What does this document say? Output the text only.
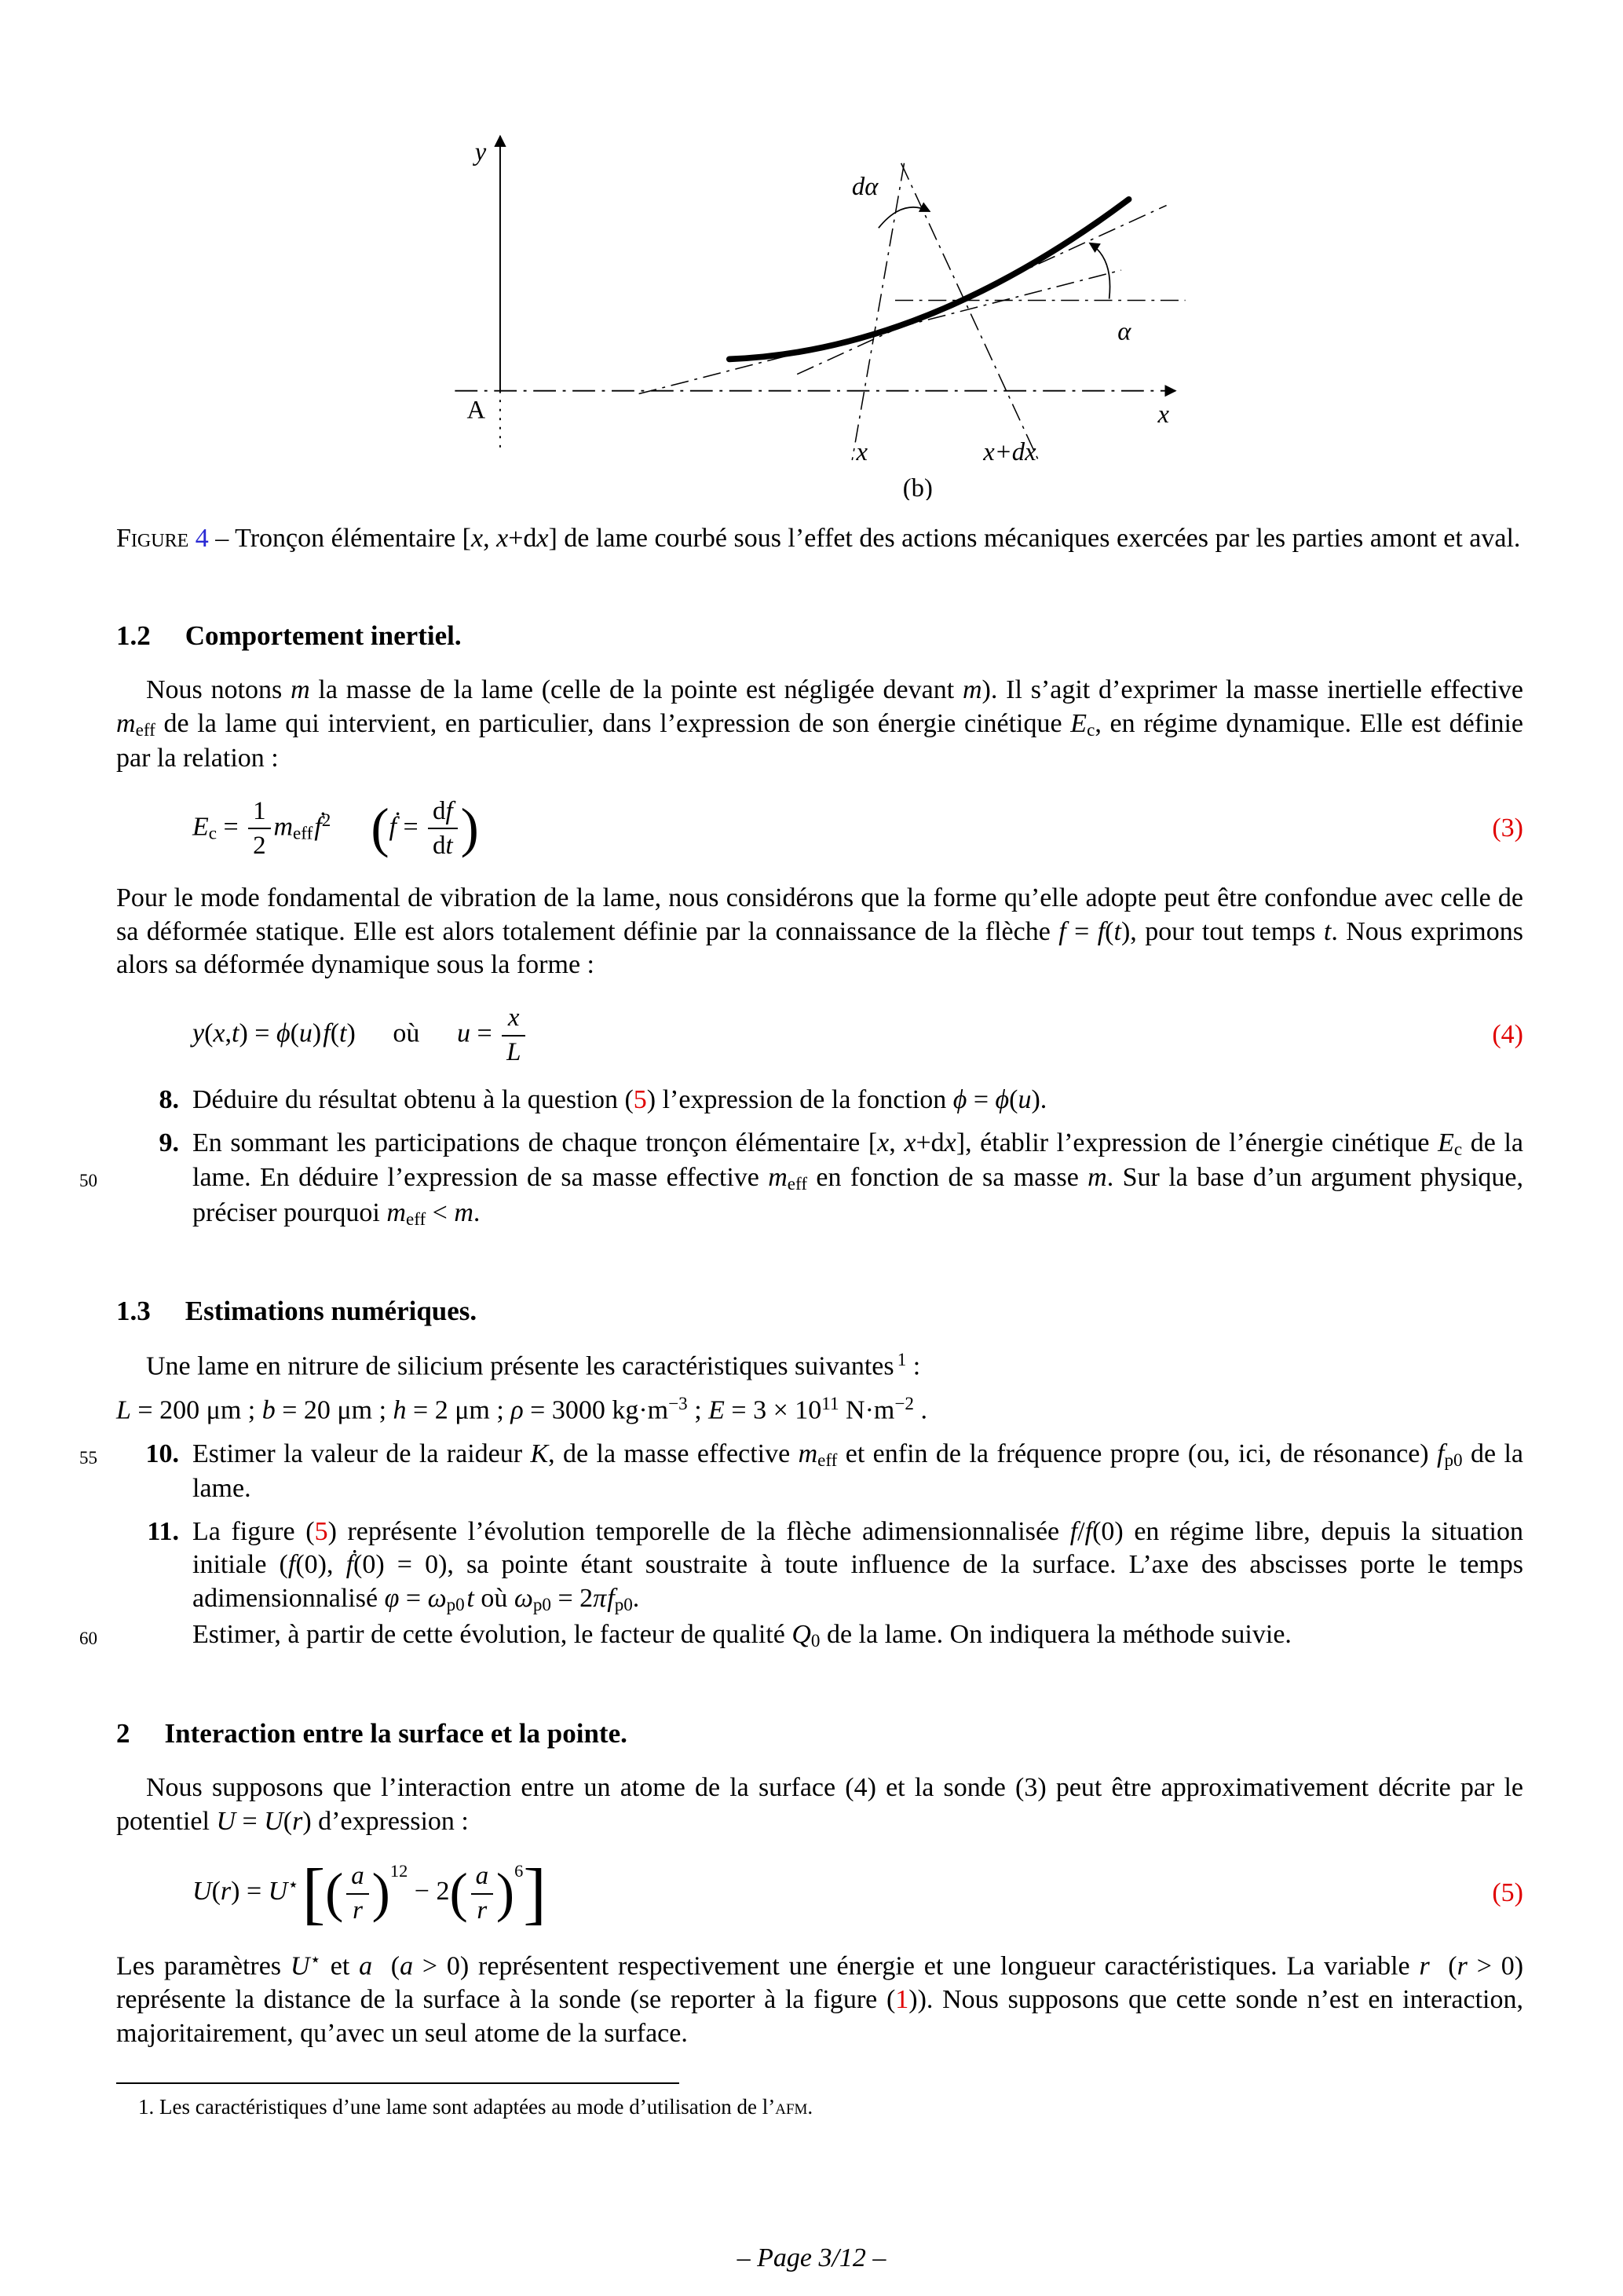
y
x
A
dα
α
x	x+dx
(b)

Figure 4 – Tronçon élémentaire [x, x+dx] de lame courbé sous l’effet des actions mécaniques exercées par les parties amont et aval.

1.2 Comportement inertiel.

Nous notons m la masse de la lame (celle de la pointe est négligée devant m). Il s’agit d’exprimer la masse inertielle effective meff de la lame qui intervient, en particulier, dans l’expression de son énergie cinétique Ec, en régime dynamique. Elle est définie par la relation :

$Ec = \frac{1}{2}$ meffḟ$^2$ (ḟ = $\frac{df}{dt}$ )	(3)

Pour le mode fondamental de vibration de la lame, nous considérons que la forme qu’elle adopte peut être confondue avec celle de sa déformée statique. Elle est alors totalement définie par la connaissance de la flèche f = f(t), pour tout temps t. Nous exprimons alors sa déformée dynamique sous la forme :

y(x,t) = ϕ(u)f(t) où $u = \frac{x}{L}$	(4)
8. Déduire du résultat obtenu à la question (5) l’expression de la fonction ϕ = ϕ(u).
50
9. En sommant les participations de chaque tronçon élémentaire [x, x+dx], établir l’expression de l’énergie cinétique Ec de la lame. En déduire l’expression de sa masse effective meff en fonction de sa masse m. Sur la base d’un argument physique, préciser pourquoi meff < m.
1.3 Estimations numériques.

Une lame en nitrure de silicium présente les caractéristiques suivantes $^1$ :

L = 200 μm ; b = 20 μm ; h = 2 μm ; ρ = 3000 $kg\cdot m^{-3}$ ; $E = 3 \times 10^{11}$ $N\cdot m^{-2}$ .

55	10. Estimer la valeur de la raideur K, de la masse effective meff et enfin de la fréquence propre (ou, ici, de résonance) fp0 de la lame.
11. La figure (5) représente l’évolution temporelle de la flèche adimensionnalisée f/f(0) en régime libre, depuis la situation initiale (f(0), ḟ(0) = 0), sa pointe étant soustraite à toute influence de la surface. L’axe des abscisses porte le temps adimensionnalisé φ = ωp0t où ωp0 = 2πfp0.
60	Estimer, à partir de cette évolution, le facteur de qualité Q0 de la lame. On indiquera la méthode suivie.
2 Interaction entre la surface et la pointe.

Nous supposons que l’interaction entre un atome de la surface (4) et la sonde (3) peut être approximativement décrite par le potentiel U = U(r) d’expression :

$U(r) = U^⋆[( \frac{a}{r} )^{12} - 2( \frac{a}{r} )^6]$	(5)

Les paramètres U⋆ et a  (a > 0) représentent respectivement une énergie et une longueur caractéristiques. La variable r  (r > 0) représente la distance de la surface à la sonde (se reporter à la figure (1)). Nous supposons que cette sonde n’est en interaction, majoritairement, qu’avec un seul atome de la surface.

1. Les caractéristiques d’une lame sont adaptées au mode d’utilisation de l’afm.

– Page 3/12 –
